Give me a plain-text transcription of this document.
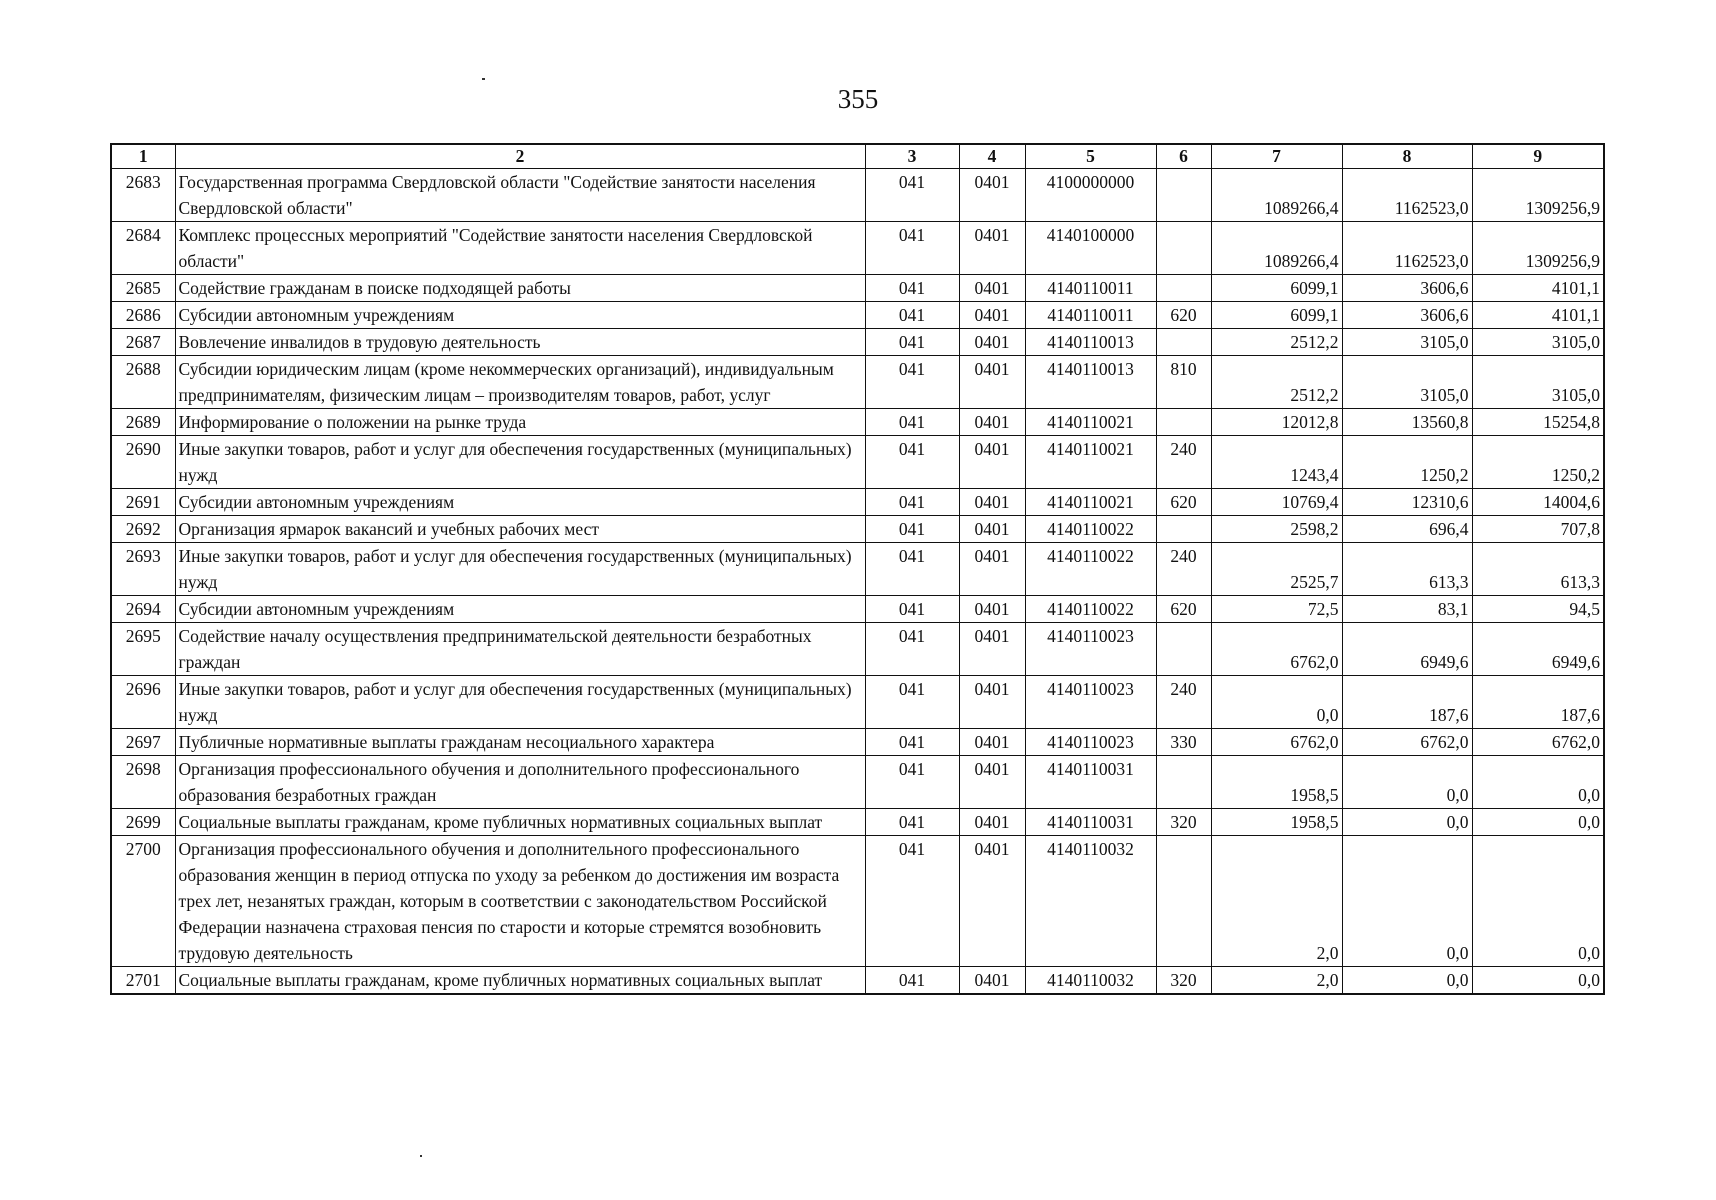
355
1	2	3	4	5	6	7	8	9
2683	Государственная программа Свердловской области "Содействие занятости населения Свердловской области"	041	0401	4100000000		1089266,4	1162523,0	1309256,9
2684	Комплекс процессных мероприятий "Содействие занятости населения Свердловской области"	041	0401	4140100000		1089266,4	1162523,0	1309256,9
2685	Содействие гражданам в поиске подходящей работы	041	0401	4140110011		6099,1	3606,6	4101,1
2686	Субсидии автономным учреждениям	041	0401	4140110011	620	6099,1	3606,6	4101,1
2687	Вовлечение инвалидов в трудовую деятельность	041	0401	4140110013		2512,2	3105,0	3105,0
2688	Субсидии юридическим лицам (кроме некоммерческих организаций), индивидуальным предпринимателям, физическим лицам – производителям товаров, работ, услуг	041	0401	4140110013	810	2512,2	3105,0	3105,0
2689	Информирование о положении на рынке труда	041	0401	4140110021		12012,8	13560,8	15254,8
2690	Иные закупки товаров, работ и услуг для обеспечения государственных (муниципальных) нужд	041	0401	4140110021	240	1243,4	1250,2	1250,2
2691	Субсидии автономным учреждениям	041	0401	4140110021	620	10769,4	12310,6	14004,6
2692	Организация ярмарок вакансий и учебных рабочих мест	041	0401	4140110022		2598,2	696,4	707,8
2693	Иные закупки товаров, работ и услуг для обеспечения государственных (муниципальных) нужд	041	0401	4140110022	240	2525,7	613,3	613,3
2694	Субсидии автономным учреждениям	041	0401	4140110022	620	72,5	83,1	94,5
2695	Содействие началу осуществления предпринимательской деятельности безработных граждан	041	0401	4140110023		6762,0	6949,6	6949,6
2696	Иные закупки товаров, работ и услуг для обеспечения государственных (муниципальных) нужд	041	0401	4140110023	240	0,0	187,6	187,6
2697	Публичные нормативные выплаты гражданам несоциального характера	041	0401	4140110023	330	6762,0	6762,0	6762,0
2698	Организация профессионального обучения и дополнительного профессионального образования безработных граждан	041	0401	4140110031		1958,5	0,0	0,0
2699	Социальные выплаты гражданам, кроме публичных нормативных социальных выплат	041	0401	4140110031	320	1958,5	0,0	0,0
2700	Организация профессионального обучения и дополнительного профессионального образования женщин в период отпуска по уходу за ребенком до достижения им возраста трех лет, незанятых граждан, которым в соответствии с законодательством Российской Федерации назначена страховая пенсия по старости и которые стремятся возобновить трудовую деятельность	041	0401	4140110032		2,0	0,0	0,0
2701	Социальные выплаты гражданам, кроме публичных нормативных социальных выплат	041	0401	4140110032	320	2,0	0,0	0,0
